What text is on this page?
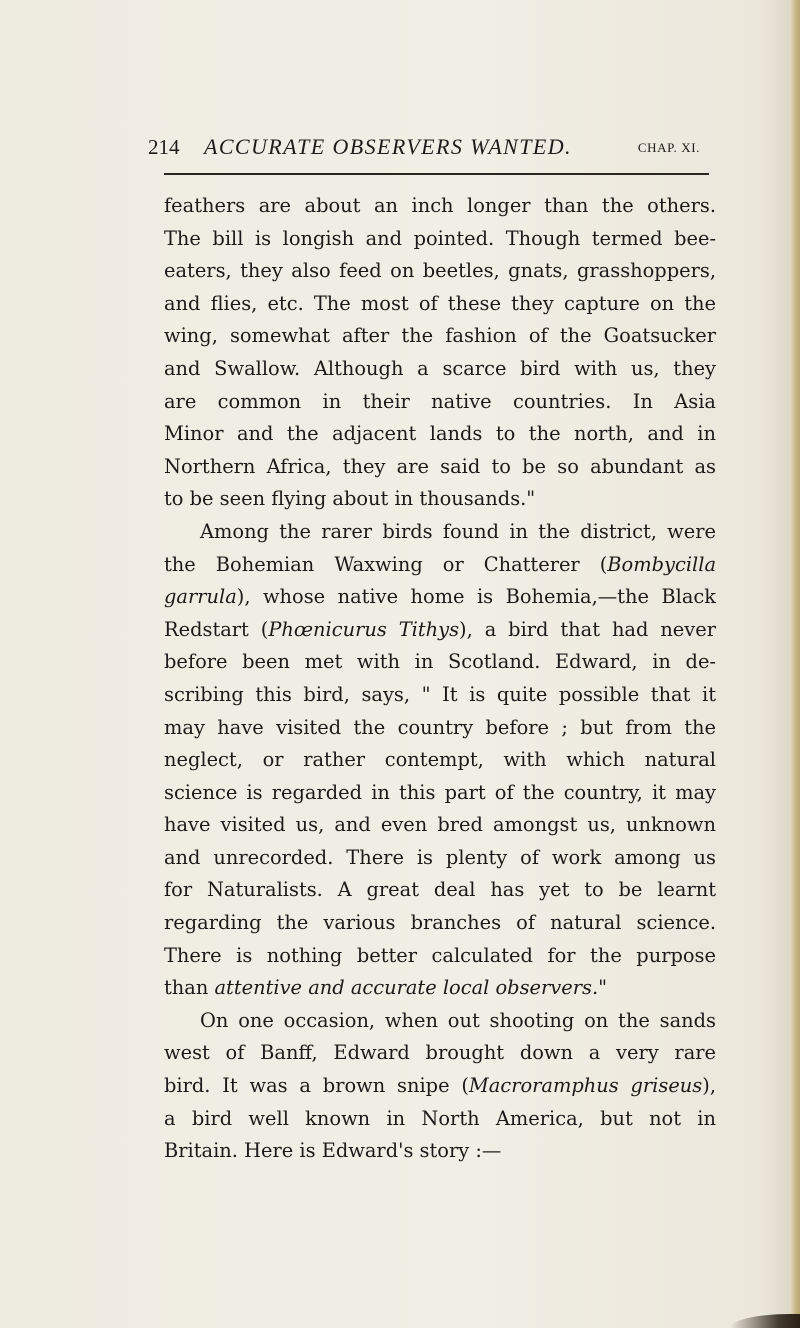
214 ACCURATE OBSERVERS WANTED.	CHAP. XI.
feathers are about an inch longer than the others.
The bill is longish and pointed. Though termed bee-
eaters, they also feed on beetles, gnats, grasshoppers,
and flies, etc. The most of these they capture on the
wing, somewhat after the fashion of the Goatsucker
and Swallow. Although a scarce bird with us, they
are common in their native countries. In Asia
Minor and the adjacent lands to the north, and in
Northern Africa, they are said to be so abundant as
to be seen flying about in thousands."
Among the rarer birds found in the district, were
the Bohemian Waxwing or Chatterer (Bombycilla
garrula), whose native home is Bohemia,—the Black
Redstart (Phœnicurus Tithys), a bird that had never
before been met with in Scotland. Edward, in de-
scribing this bird, says, " It is quite possible that it
may have visited the country before ; but from the
neglect, or rather contempt, with which natural
science is regarded in this part of the country, it may
have visited us, and even bred amongst us, unknown
and unrecorded. There is plenty of work among us
for Naturalists. A great deal has yet to be learnt
regarding the various branches of natural science.
There is nothing better calculated for the purpose
than attentive and accurate local observers."
On one occasion, when out shooting on the sands
west of Banff, Edward brought down a very rare
bird. It was a brown snipe (Macroramphus griseus),
a bird well known in North America, but not in
Britain. Here is Edward's story :—
